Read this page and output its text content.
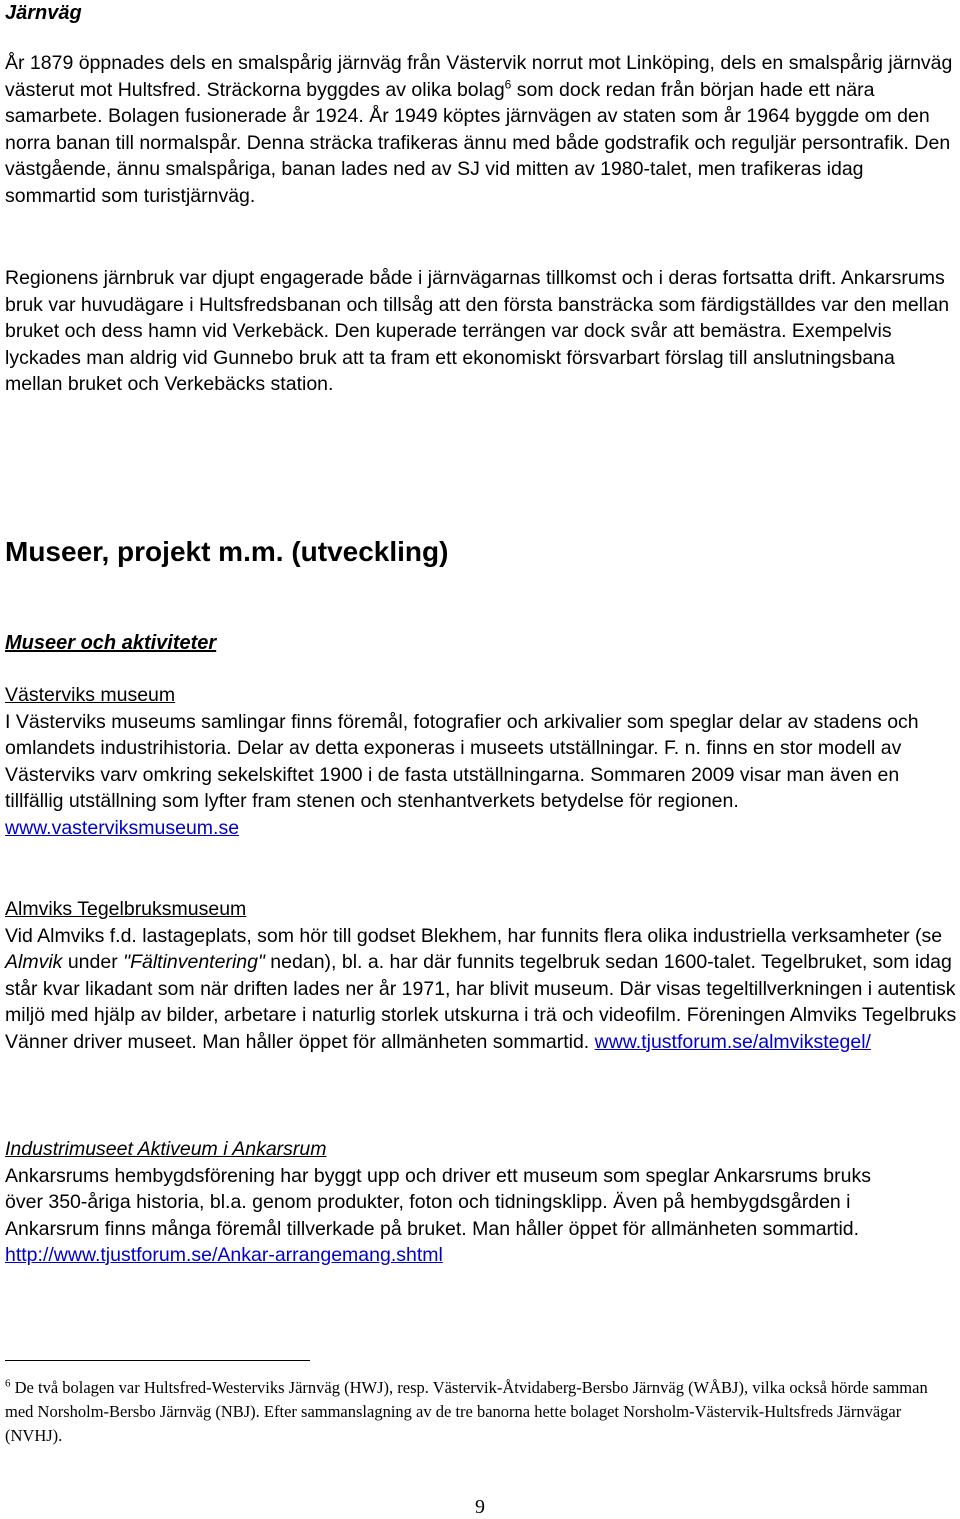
Järnväg

År 1879 öppnades dels en smalspårig järnväg från Västervik norrut mot Linköping, dels en smalspårig järnväg västerut mot Hultsfred. Sträckorna byggdes av olika bolag$^6$ som dock redan från början hade ett nära samarbete. Bolagen fusionerade år 1924. År 1949 köptes järnvägen av staten som år 1964 byggde om den norra banan till normalspår. Denna sträcka trafikeras ännu med både godstrafik och reguljär persontrafik. Den västgående, ännu smalspåriga, banan lades ned av SJ vid mitten av 1980-talet, men trafikeras idag sommartid som turistjärnväg.

Regionens järnbruk var djupt engagerade både i järnvägarnas tillkomst och i deras fortsatta drift. Ankarsrums bruk var huvudägare i Hultsfredsbanan och tillsåg att den första bansträcka som färdigställdes var den mellan bruket och dess hamn vid Verkebäck. Den kuperade terrängen var dock svår att bemästra. Exempelvis lyckades man aldrig vid Gunnebo bruk att ta fram ett ekonomiskt försvarbart förslag till anslutningsbana mellan bruket och Verkebäcks station.

Museer, projekt m.m. (utveckling)
Museer och aktiviteter
Västerviks museum

I Västerviks museums samlingar finns föremål, fotografier och arkivalier som speglar delar av stadens och omlandets industrihistoria. Delar av detta exponeras i museets utställningar. F. n. finns en stor modell av Västerviks varv omkring sekelskiftet 1900 i de fasta utställningarna. Sommaren 2009 visar man även en tillfällig utställning som lyfter fram stenen och stenhantverkets betydelse för regionen. www.vasterviksmuseum.se

Almviks Tegelbruksmuseum

Vid Almviks f.d. lastageplats, som hör till godset Blekhem, har funnits flera olika industriella verksamheter (se Almvik under "Fältinventering" nedan), bl. a. har där funnits tegelbruk sedan 1600-talet. Tegelbruket, som idag står kvar likadant som när driften lades ner år 1971, har blivit museum. Där visas tegeltillverkningen i autentisk miljö med hjälp av bilder, arbetare i naturlig storlek utskurna i trä och videofilm. Föreningen Almviks Tegelbruks Vänner driver museet. Man håller öppet för allmänheten sommartid. www.tjustforum.se/almvikstegel/

Industrimuseet Aktiveum i Ankarsrum

Ankarsrums hembygdsförening har byggt upp och driver ett museum som speglar Ankarsrums bruks över 350-åriga historia, bl.a. genom produkter, foton och tidningsklipp. Även på hembygdsgården i Ankarsrum finns många föremål tillverkade på bruket. Man håller öppet för allmänheten sommartid. http://www.tjustforum.se/Ankar-arrangemang.shtml

$^6$ De två bolagen var Hultsfred-Westerviks Järnväg (HWJ), resp. Västervik-Åtvidaberg-Bersbo Järnväg (WÅBJ), vilka också hörde samman med Norsholm-Bersbo Järnväg (NBJ). Efter sammanslagning av de tre banorna hette bolaget Norsholm-Västervik-Hultsfreds Järnvägar (NVHJ).

9
